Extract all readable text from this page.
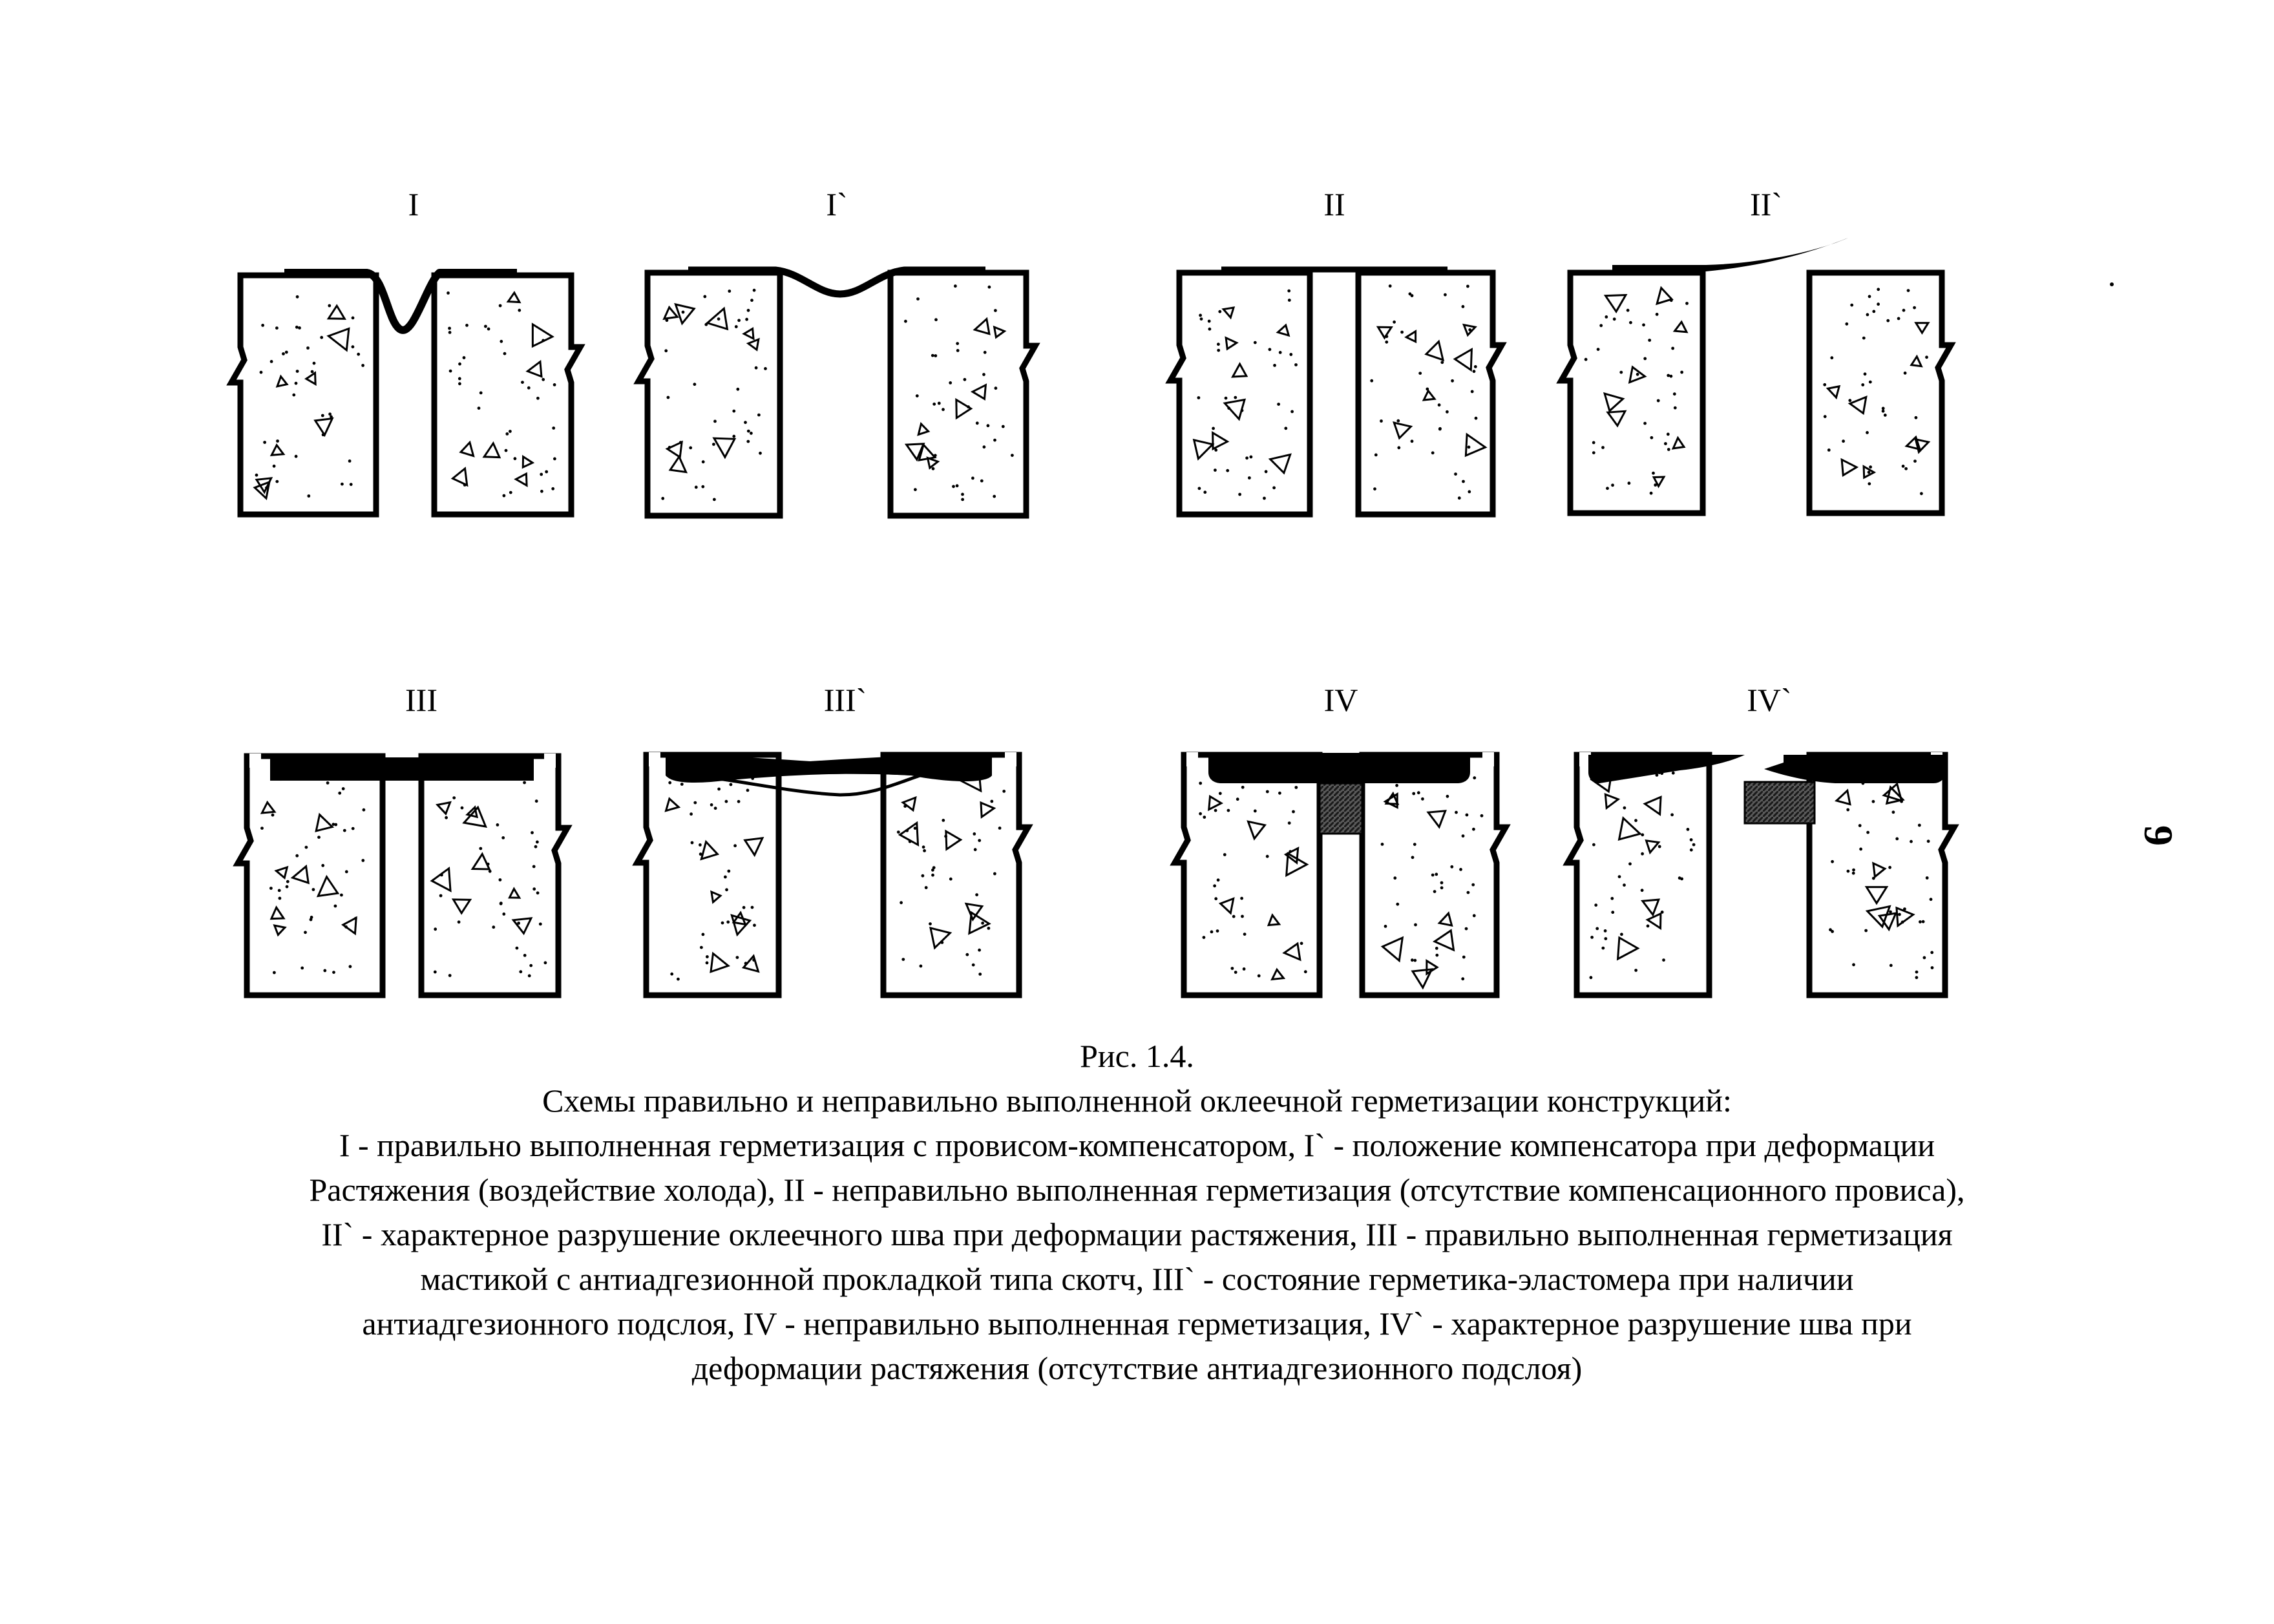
I	I`	II	II`
III	III`	IV	IV`
Рис. 1.4.
Схемы правильно и неправильно выполненной оклеечной герметизации конструкций:
I - правильно выполненная герметизация с провисом-компенсатором, I` - положение компенсатора при деформации
Растяжения (воздействие холода), II - неправильно выполненная герметизация (отсутствие компенсационного провиса),
II` - характерное разрушение оклеечного шва при деформации растяжения, III - правильно выполненная герметизация
мастикой с антиадгезионной прокладкой типа скотч, III` - состояние герметика-эластомера при наличии
антиадгезионного подслоя, IV - неправильно выполненная герметизация, IV` - характерное разрушение шва при
деформации растяжения (отсутствие антиадгезионного подслоя)
9
